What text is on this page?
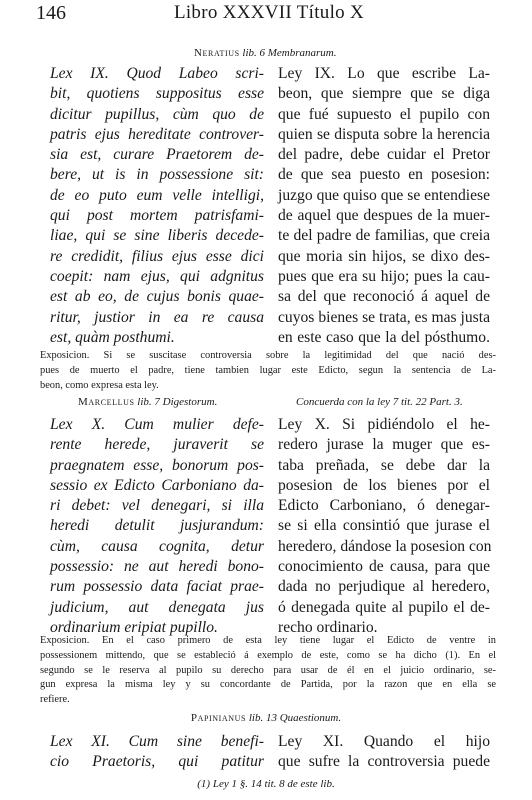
146	Libro XXXVII Título X
Neratius lib. 6 Membranarum.
Lex IX. Quod Labeo scri-
bit, quotiens suppositus esse
dicitur pupillus, cùm quo de
patris ejus hereditate controver-
sia est, curare Praetorem de-
bere, ut is in possessione sit:
de eo puto eum velle intelligi,
qui post mortem patrisfami-
liae, qui se sine liberis decede-
re credidit, filius ejus esse dici
coepit: nam ejus, qui adgnitus
est ab eo, de cujus bonis quae-
ritur, justior in ea re causa
est, quàm posthumi.
Ley IX. Lo que escribe La-
beon, que siempre que se diga
que fué supuesto el pupilo con
quien se disputa sobre la herencia
del padre, debe cuidar el Pretor
de que sea puesto en posesion:
juzgo que quiso que se entendiese
de aquel que despues de la muer-
te del padre de familias, que creia
que moria sin hijos, se dixo des-
pues que era su hijo; pues la cau-
sa del que reconoció á aquel de
cuyos bienes se trata, es mas justa
en este caso que la del pósthumo.
Exposicion. Si se suscitase controversia sobre la legitimidad del que nació des-
pues de muerto el padre, tiene tambien lugar este Edicto, segun la sentencia de La-
beon, como expresa esta ley.
Marcellus lib. 7 Digestorum.	Concuerda con la ley 7 tit. 22 Part. 3.
Lex X. Cum mulier defe-
rente herede, juraverit se
praegnatem esse, bonorum pos-
sessio ex Edicto Carboniano da-
ri debet: vel denegari, si illa
heredi detulit jusjurandum:
cùm, causa cognita, detur
possessio: ne aut heredi bono-
rum possessio data faciat prae-
judicium, aut denegata jus
ordinarium eripiat pupillo.
Ley X. Si pidiéndolo el he-
redero jurase la muger que es-
taba preñada, se debe dar la
posesion de los bienes por el
Edicto Carboniano, ó denegar-
se si ella consintió que jurase el
heredero, dándose la posesion con
conocimiento de causa, para que
dada no perjudique al heredero,
ó denegada quite al pupilo el de-
recho ordinario.
Exposicion. En el caso primero de esta ley tiene lugar el Edicto de ventre in
possessionem mittendo, que se estableció á exemplo de este, como se ha dicho (1). En el
segundo se le reserva al pupilo su derecho para usar de él en el juicio ordinario, se-
gun expresa la misma ley y su concordante de Partida, por la razon que en ella se
refiere.
Papinianus lib. 13 Quaestionum.
Lex XI. Cum sine benefi-
cio Praetoris, qui patitur
Ley XI. Quando el hijo
que sufre la controversia puede
(1) Ley 1 §. 14 tit. 8 de este lib.
